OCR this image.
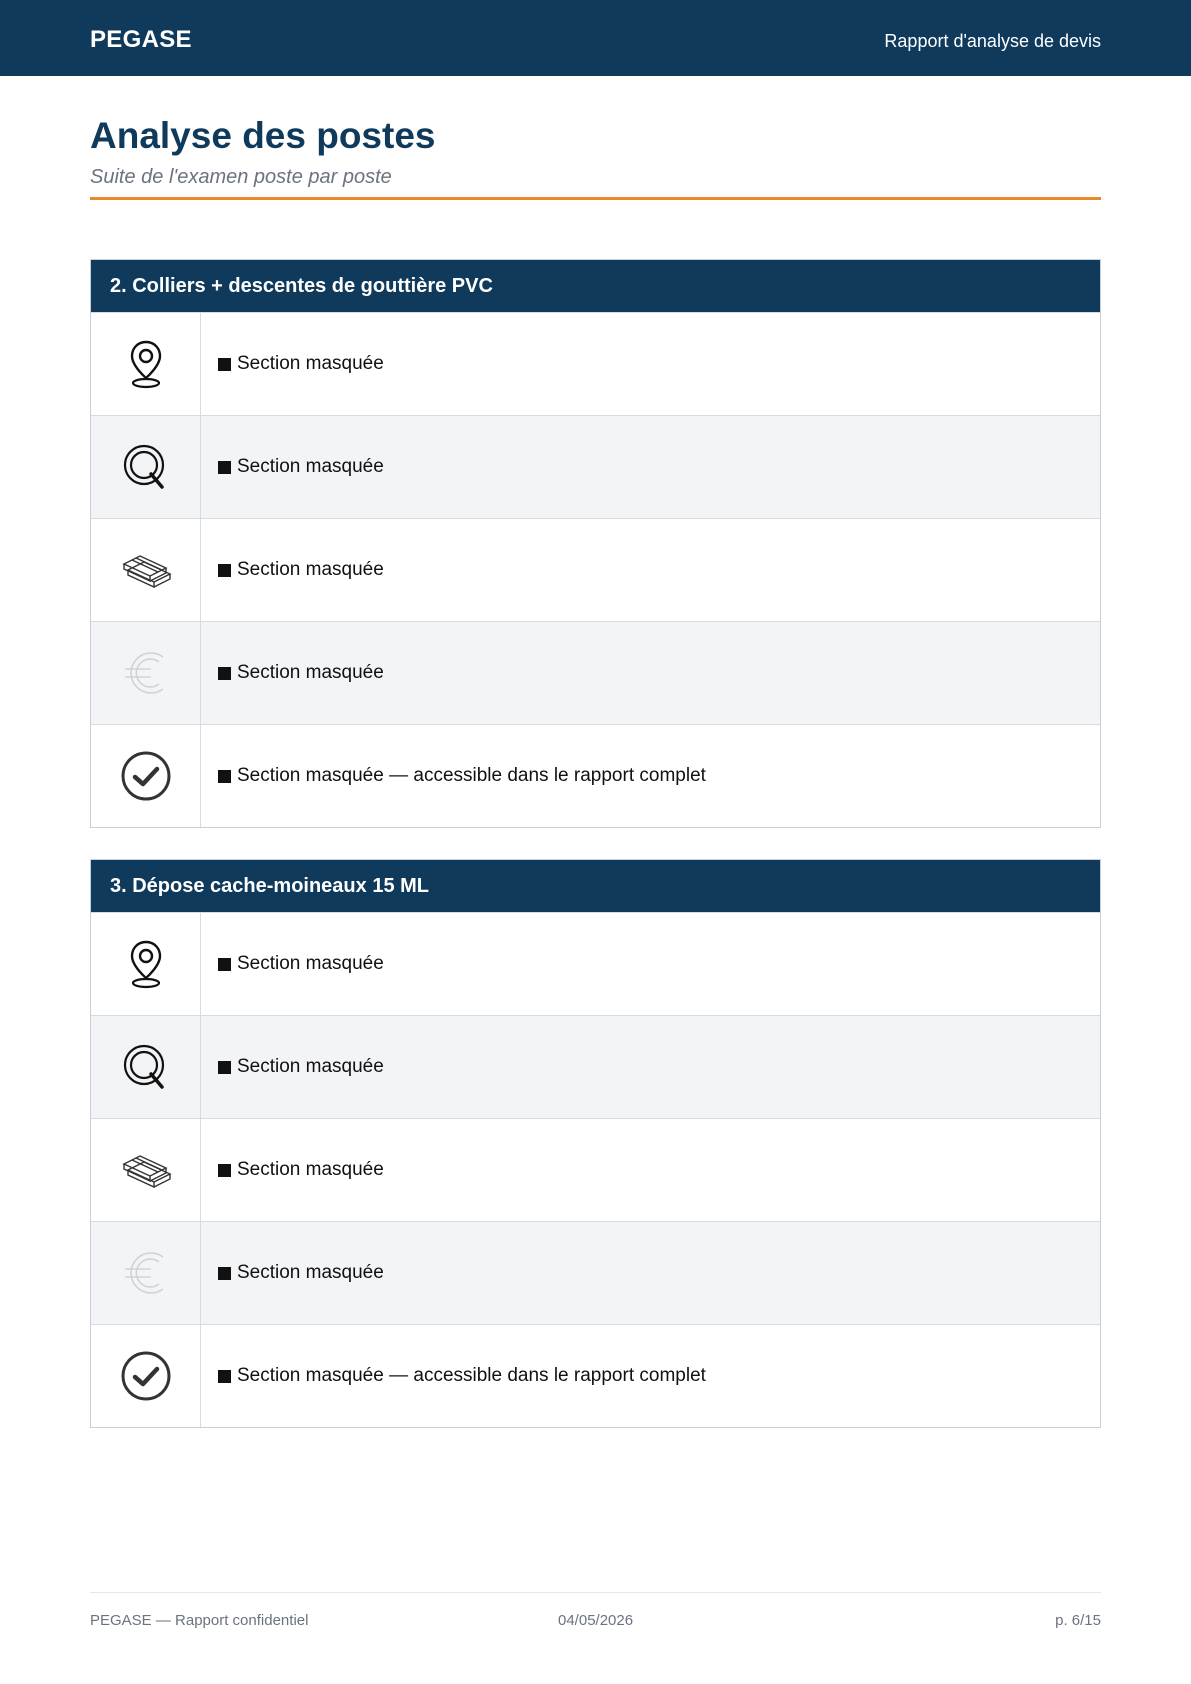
PEGASE	Rapport d'analyse de devis
Analyse des postes
Suite de l'examen poste par poste
2. Colliers + descentes de gouttière PVC
Section masquée
Section masquée
Section masquée
Section masquée
Section masquée — accessible dans le rapport complet
3. Dépose cache-moineaux 15 ML
Section masquée
Section masquée
Section masquée
Section masquée
Section masquée — accessible dans le rapport complet
PEGASE — Rapport confidentiel	04/05/2026	p. 6/15
